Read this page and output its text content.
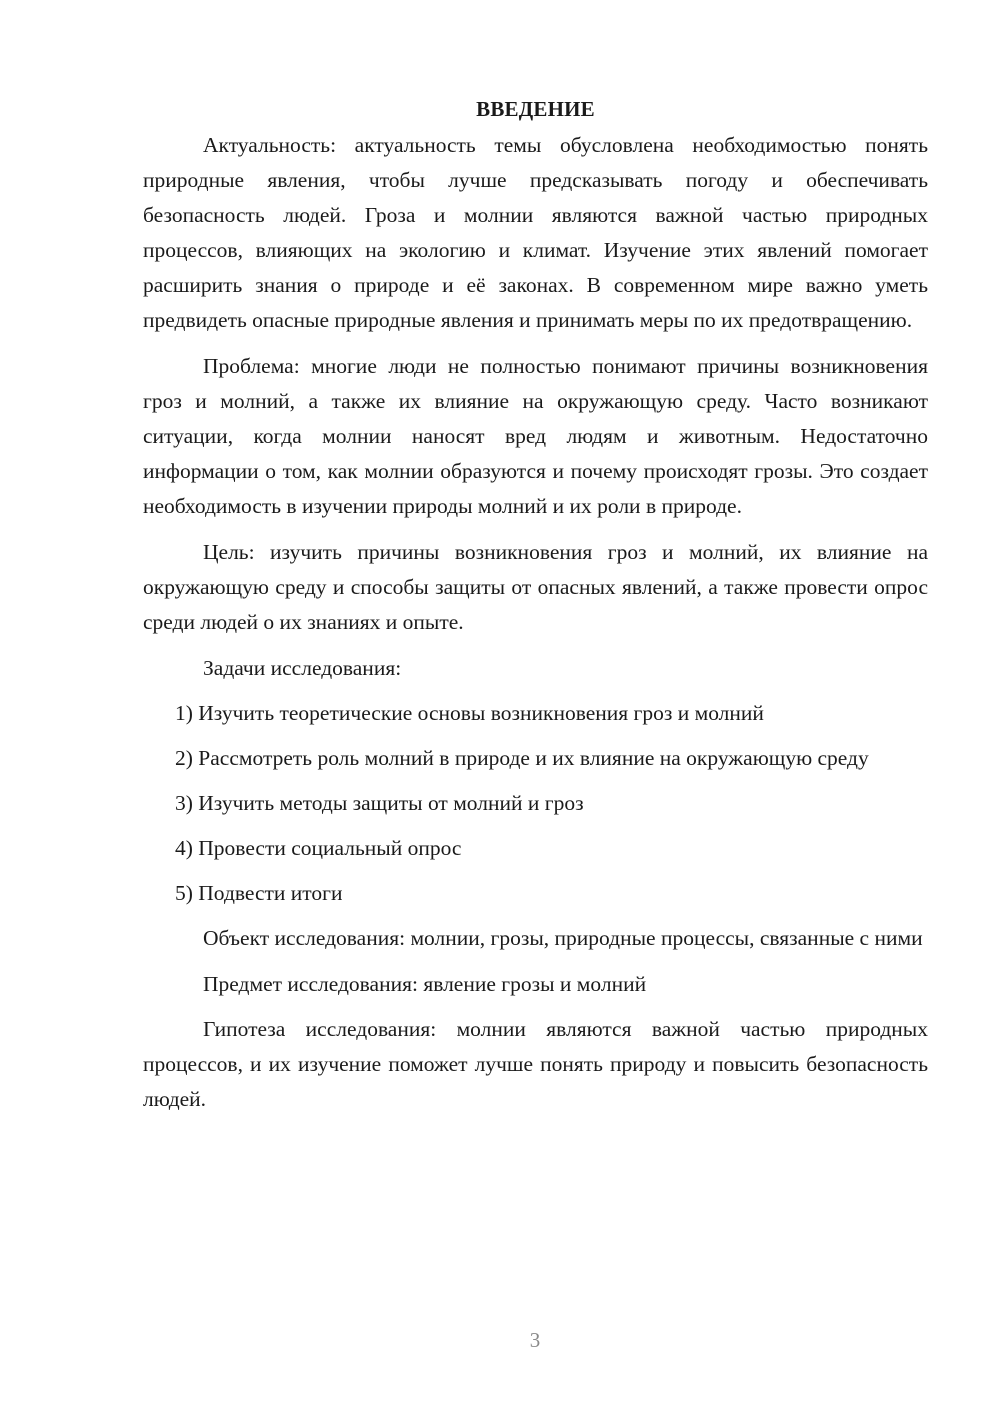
ВВЕДЕНИЕ

Актуальность: актуальность темы обусловлена необходимостью понять природные явления, чтобы лучше предсказывать погоду и обеспечивать безопасность людей. Гроза и молнии являются важной частью природных процессов, влияющих на экологию и климат. Изучение этих явлений помогает расширить знания о природе и её законах. В современном мире важно уметь предвидеть опасные природные явления и принимать меры по их предотвращению.

Проблема: многие люди не полностью понимают причины возникновения гроз и молний, а также их влияние на окружающую среду. Часто возникают ситуации, когда молнии наносят вред людям и животным. Недостаточно информации о том, как молнии образуются и почему происходят грозы. Это создает необходимость в изучении природы молний и их роли в природе.

Цель: изучить причины возникновения гроз и молний, их влияние на окружающую среду и способы защиты от опасных явлений, а также провести опрос среди людей о их знаниях и опыте.

Задачи исследования:

1) Изучить теоретические основы возникновения гроз и молний

2) Рассмотреть роль молний в природе и их влияние на окружающую среду

3) Изучить методы защиты от молний и гроз

4) Провести социальный опрос

5) Подвести итоги

Объект исследования: молнии, грозы, природные процессы, связанные с ними

Предмет исследования: явление грозы и молний

Гипотеза исследования: молнии являются важной частью природных процессов, и их изучение поможет лучше понять природу и повысить безопасность людей.

3
